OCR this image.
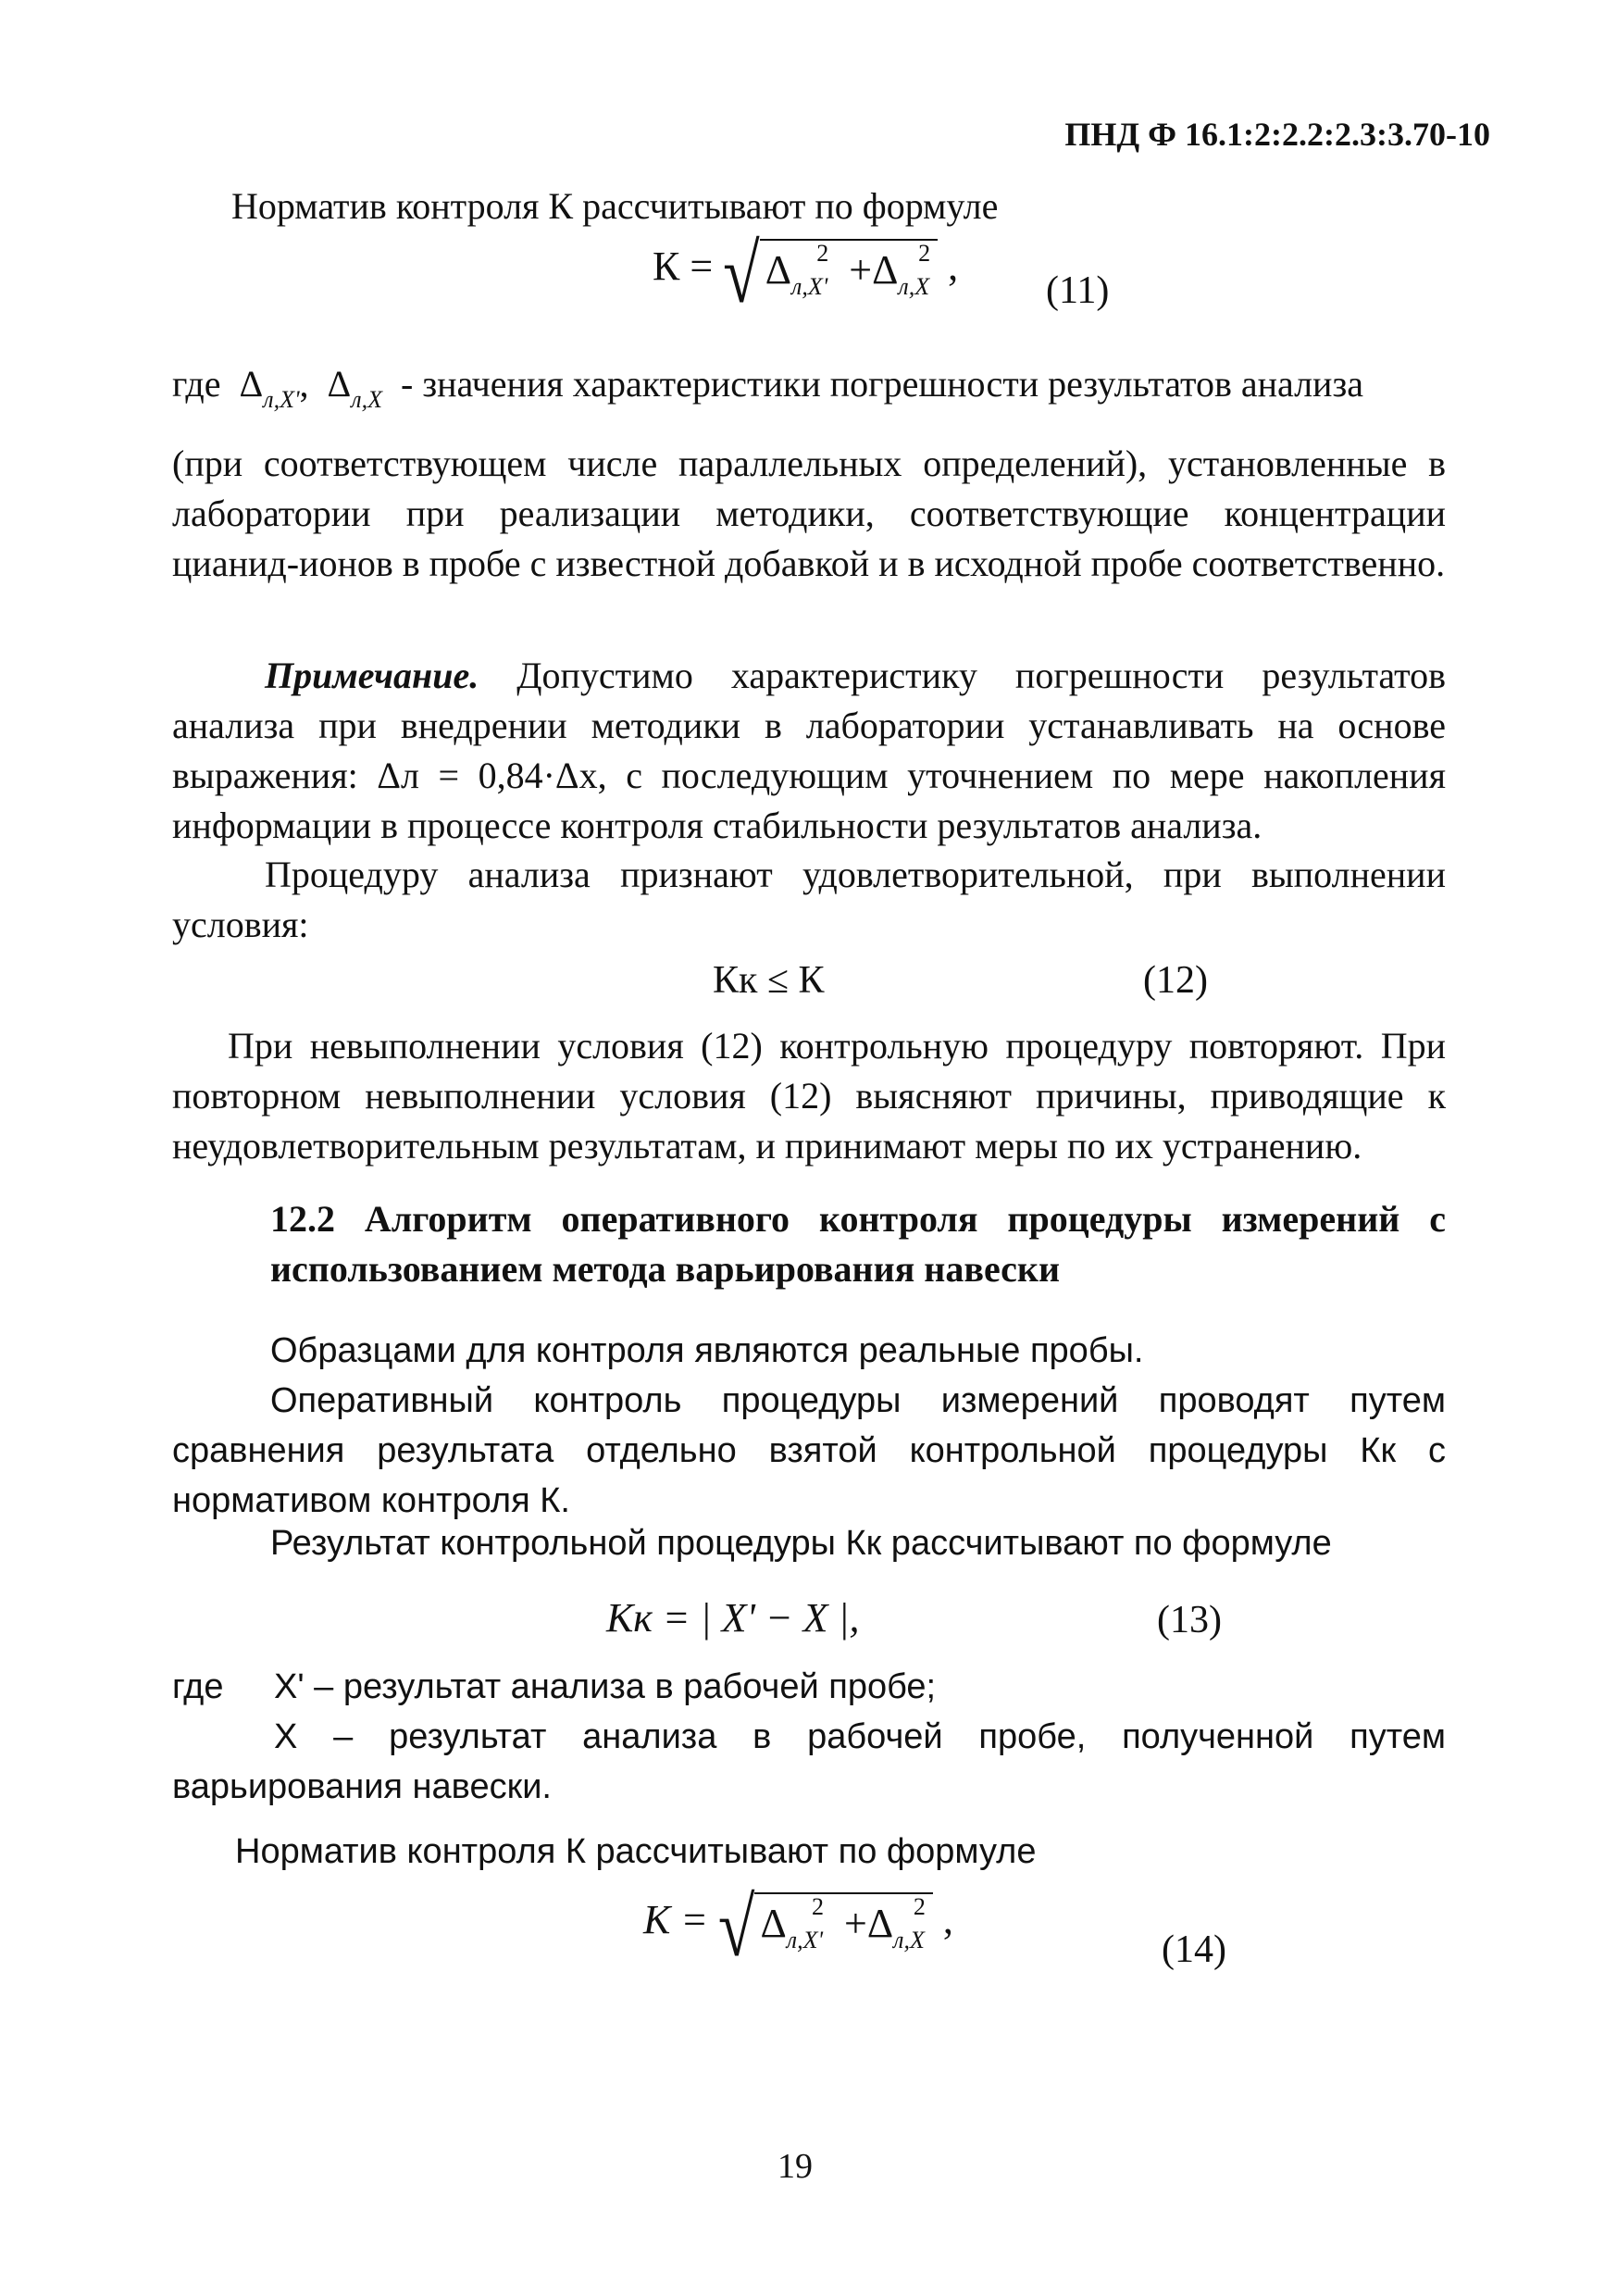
ПНД Ф 16.1:2:2.2:2.3:3.70-10
Норматив контроля К рассчитывают по формуле
К = √ $\Delta_{л,Х'}^2 +\Delta_{л,Х}^2$ ,
(11)
где $\Delta_{л,Х'}$, $\Delta_{л,Х}$ - значения характеристики погрешности результатов анализа
(при соответствующем числе параллельных определений), установленные в лаборатории при реализации методики, соответствующие концентрации цианид-ионов в пробе с известной добавкой и в исходной пробе соответственно.
Примечание. Допустимо характеристику погрешности результатов анализа при внедрении методики в лаборатории устанавливать на основе выражения: Δл = 0,84·Δх, с последующим уточнением по мере накопления информации в процессе контроля стабильности результатов анализа.
Процедуру анализа признают удовлетворительной, при выполнении условия:
Кк ≤ К	(12)
При невыполнении условия (12) контрольную процедуру повторяют. При повторном невыполнении условия (12) выясняют причины, приводящие к неудовлетворительным результатам, и принимают меры по их устранению.
12.2 Алгоритм оперативного контроля процедуры измерений с использованием метода варьирования навески
Образцами для контроля являются реальные пробы.
Оперативный контроль процедуры измерений проводят путем сравнения результата отдельно взятой контрольной процедуры Кк с нормативом контроля К.
Результат контрольной процедуры Кк рассчитывают по формуле
Кк = | X' − X |,	(13)
где X' – результат анализа в рабочей пробе;
X – результат анализа в рабочей пробе, полученной путем варьирования навески.
Норматив контроля К рассчитывают по формуле
К = √ $\Delta_{л,Х'}^2 +\Delta_{л,Х}^2$ ,
(14)
19
